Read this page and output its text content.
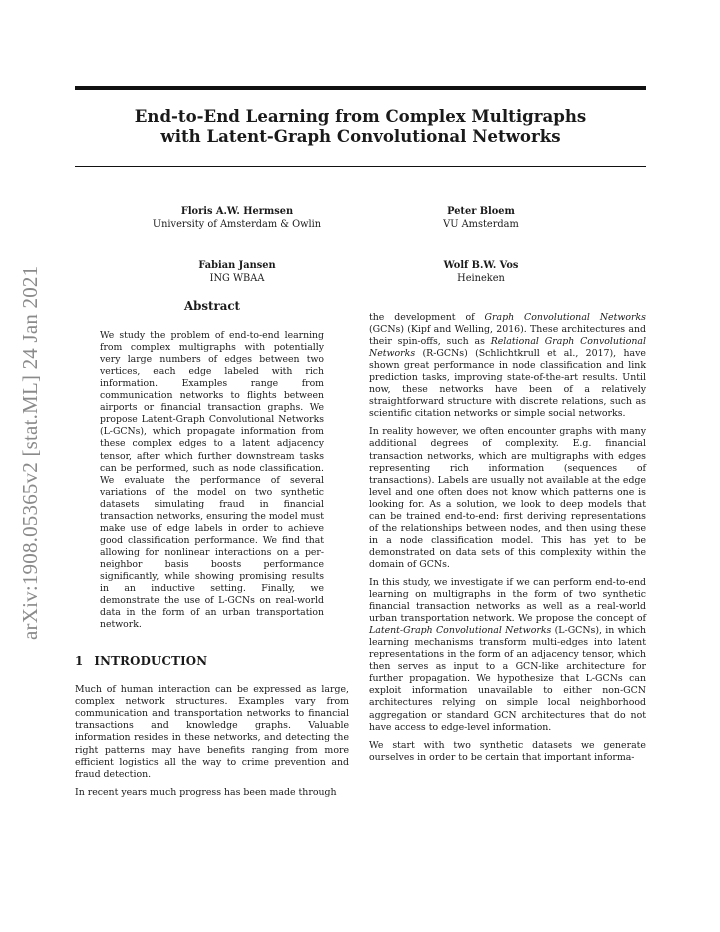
End-to-End Learning from Complex Multigraphs
with Latent-Graph Convolutional Networks
Floris A.W. Hermsen
University of Amsterdam & Owlin
Peter Bloem
VU Amsterdam
Fabian Jansen
ING WBAA
Wolf B.W. Vos
Heineken
arXiv:1908.05365v2 [stat.ML] 24 Jan 2021	Abstract

We study the problem of end-to-end learning from complex multigraphs with potentially very large numbers of edges between two vertices, each edge labeled with rich information. Examples range from communication networks to flights between airports or financial transaction graphs. We propose Latent-Graph Convolutional Networks (L-GCNs), which propagate information from these complex edges to a latent adjacency tensor, after which further downstream tasks can be performed, such as node classification. We evaluate the performance of several variations of the model on two synthetic datasets simulating fraud in financial transaction networks, ensuring the model must make use of edge labels in order to achieve good classification performance. We find that allowing for nonlinear interactions on a per-neighbor basis boosts performance significantly, while showing promising results in an inductive setting. Finally, we demonstrate the use of L-GCNs on real-world data in the form of an urban transportation network.

1 INTRODUCTION

Much of human interaction can be expressed as large, complex network structures. Examples vary from communication and transportation networks to financial transactions and knowledge graphs. Valuable information resides in these networks, and detecting the right patterns may have benefits ranging from more efficient logistics all the way to crime prevention and fraud detection.

In recent years much progress has been made through

the development of Graph Convolutional Networks (GCNs) (Kipf and Welling, 2016). These architectures and their spin-offs, such as Relational Graph Convolutional Networks (R-GCNs) (Schlichtkrull et al., 2017), have shown great performance in node classification and link prediction tasks, improving state-of-the-art results. Until now, these networks have been of a relatively straightforward structure with discrete relations, such as scientific citation networks or simple social networks.

In reality however, we often encounter graphs with many additional degrees of complexity. E.g. financial transaction networks, which are multigraphs with edges representing rich information (sequences of transactions). Labels are usually not available at the edge level and one often does not know which patterns one is looking for. As a solution, we look to deep models that can be trained end-to-end: first deriving representations of the relationships between nodes, and then using these in a node classification model. This has yet to be demonstrated on data sets of this complexity within the domain of GCNs.

In this study, we investigate if we can perform end-to-end learning on multigraphs in the form of two synthetic financial transaction networks as well as a real-world urban transportation network. We propose the concept of Latent-Graph Convolutional Networks (L-GCNs), in which learning mechanisms transform multi-edges into latent representations in the form of an adjacency tensor, which then serves as input to a GCN-like architecture for further propagation. We hypothesize that L-GCNs can exploit information unavailable to either non-GCN architectures relying on simple local neighborhood aggregation or standard GCN architectures that do not have access to edge-level information.

We start with two synthetic datasets we generate ourselves in order to be certain that important informa-
